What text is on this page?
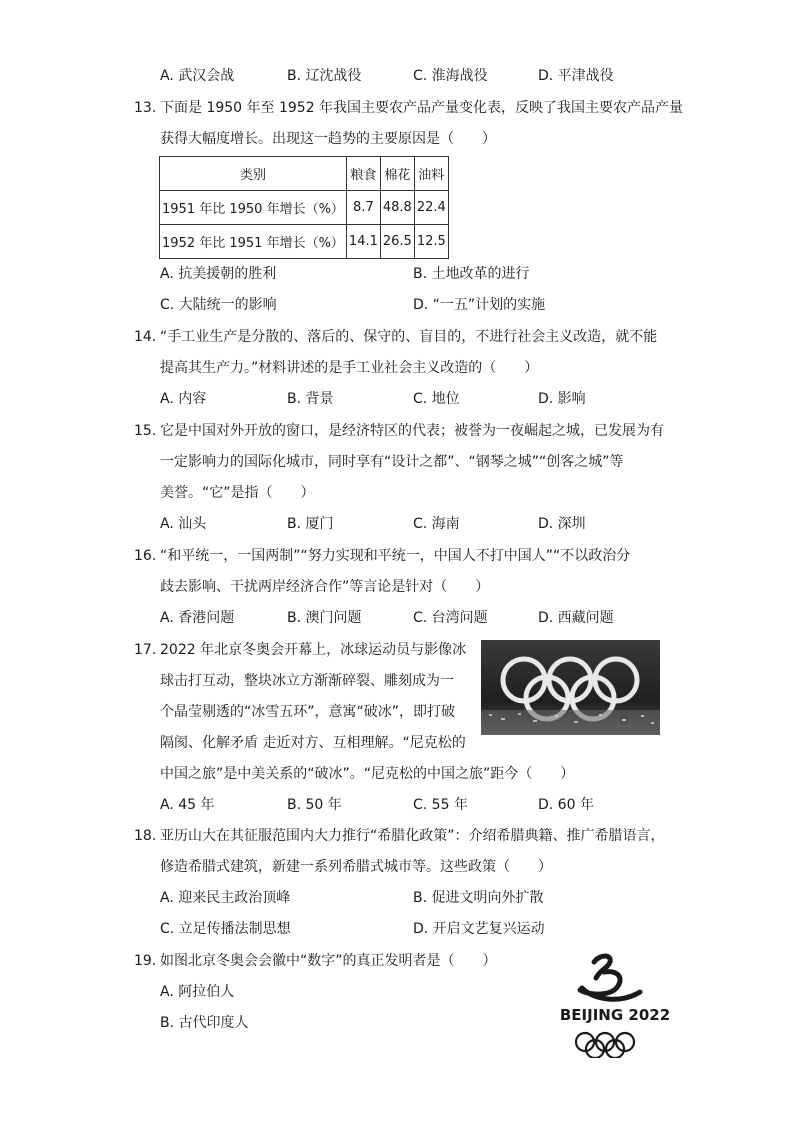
A. 武汉会战	B. 辽沈战役	C. 淮海战役	D. 平津战役
13. 下面是 1950 年至 1952 年我国主要农产品产量变化表，反映了我国主要农产品产量
获得大幅度增长。出现这一趋势的主要原因是（　　）
类别	粮食	棉花	油料
1951 年比 1950 年增长（%）	8.7	48.8	22.4
1952 年比 1951 年增长（%）	14.1	26.5	12.5
A. 抗美援朝的胜利	B. 土地改革的进行
C. 大陆统一的影响	D. “一五”计划的实施
14. “手工业生产是分散的、落后的、保守的、盲目的，不进行社会主义改造，就不能
提高其生产力。”材料讲述的是手工业社会主义改造的（　　）
A. 内容	B. 背景	C. 地位	D. 影响
15. 它是中国对外开放的窗口，是经济特区的代表；被誉为一夜崛起之城，已发展为有
一定影响力的国际化城市，同时享有“设计之都”、“钢琴之城”“创客之城”等
美誉。“它”是指（　　）
A. 汕头	B. 厦门	C. 海南	D. 深圳
16. “和平统一，一国两制”“努力实现和平统一，中国人不打中国人”“不以政治分
歧去影响、干扰两岸经济合作”等言论是针对（　　）
A. 香港问题	B. 澳门问题	C. 台湾问题	D. 西藏问题
17. 2022 年北京冬奥会开幕上，冰球运动员与影像冰
球击打互动，整块冰立方渐渐碎裂、雕刻成为一
个晶莹剔透的“冰雪五环”，意寓“破冰”，即打破
隔阂、化解矛盾 走近对方、互相理解。“尼克松的
中国之旅”是中美关系的“破冰”。“尼克松的中国之旅”距今（　　）
A. 45 年	B. 50 年	C. 55 年	D. 60 年
18. 亚历山大在其征服范围内大力推行“希腊化政策”：介绍希腊典籍、推广希腊语言，
修造希腊式建筑，新建一系列希腊式城市等。这些政策（　　）
A. 迎来民主政治顶峰	B. 促进文明向外扩散
C. 立足传播法制思想	D. 开启文艺复兴运动
19. 如图北京冬奥会会徽中“数字”的真正发明者是（　　）
A. 阿拉伯人
B. 古代印度人	BEIJING 2022
